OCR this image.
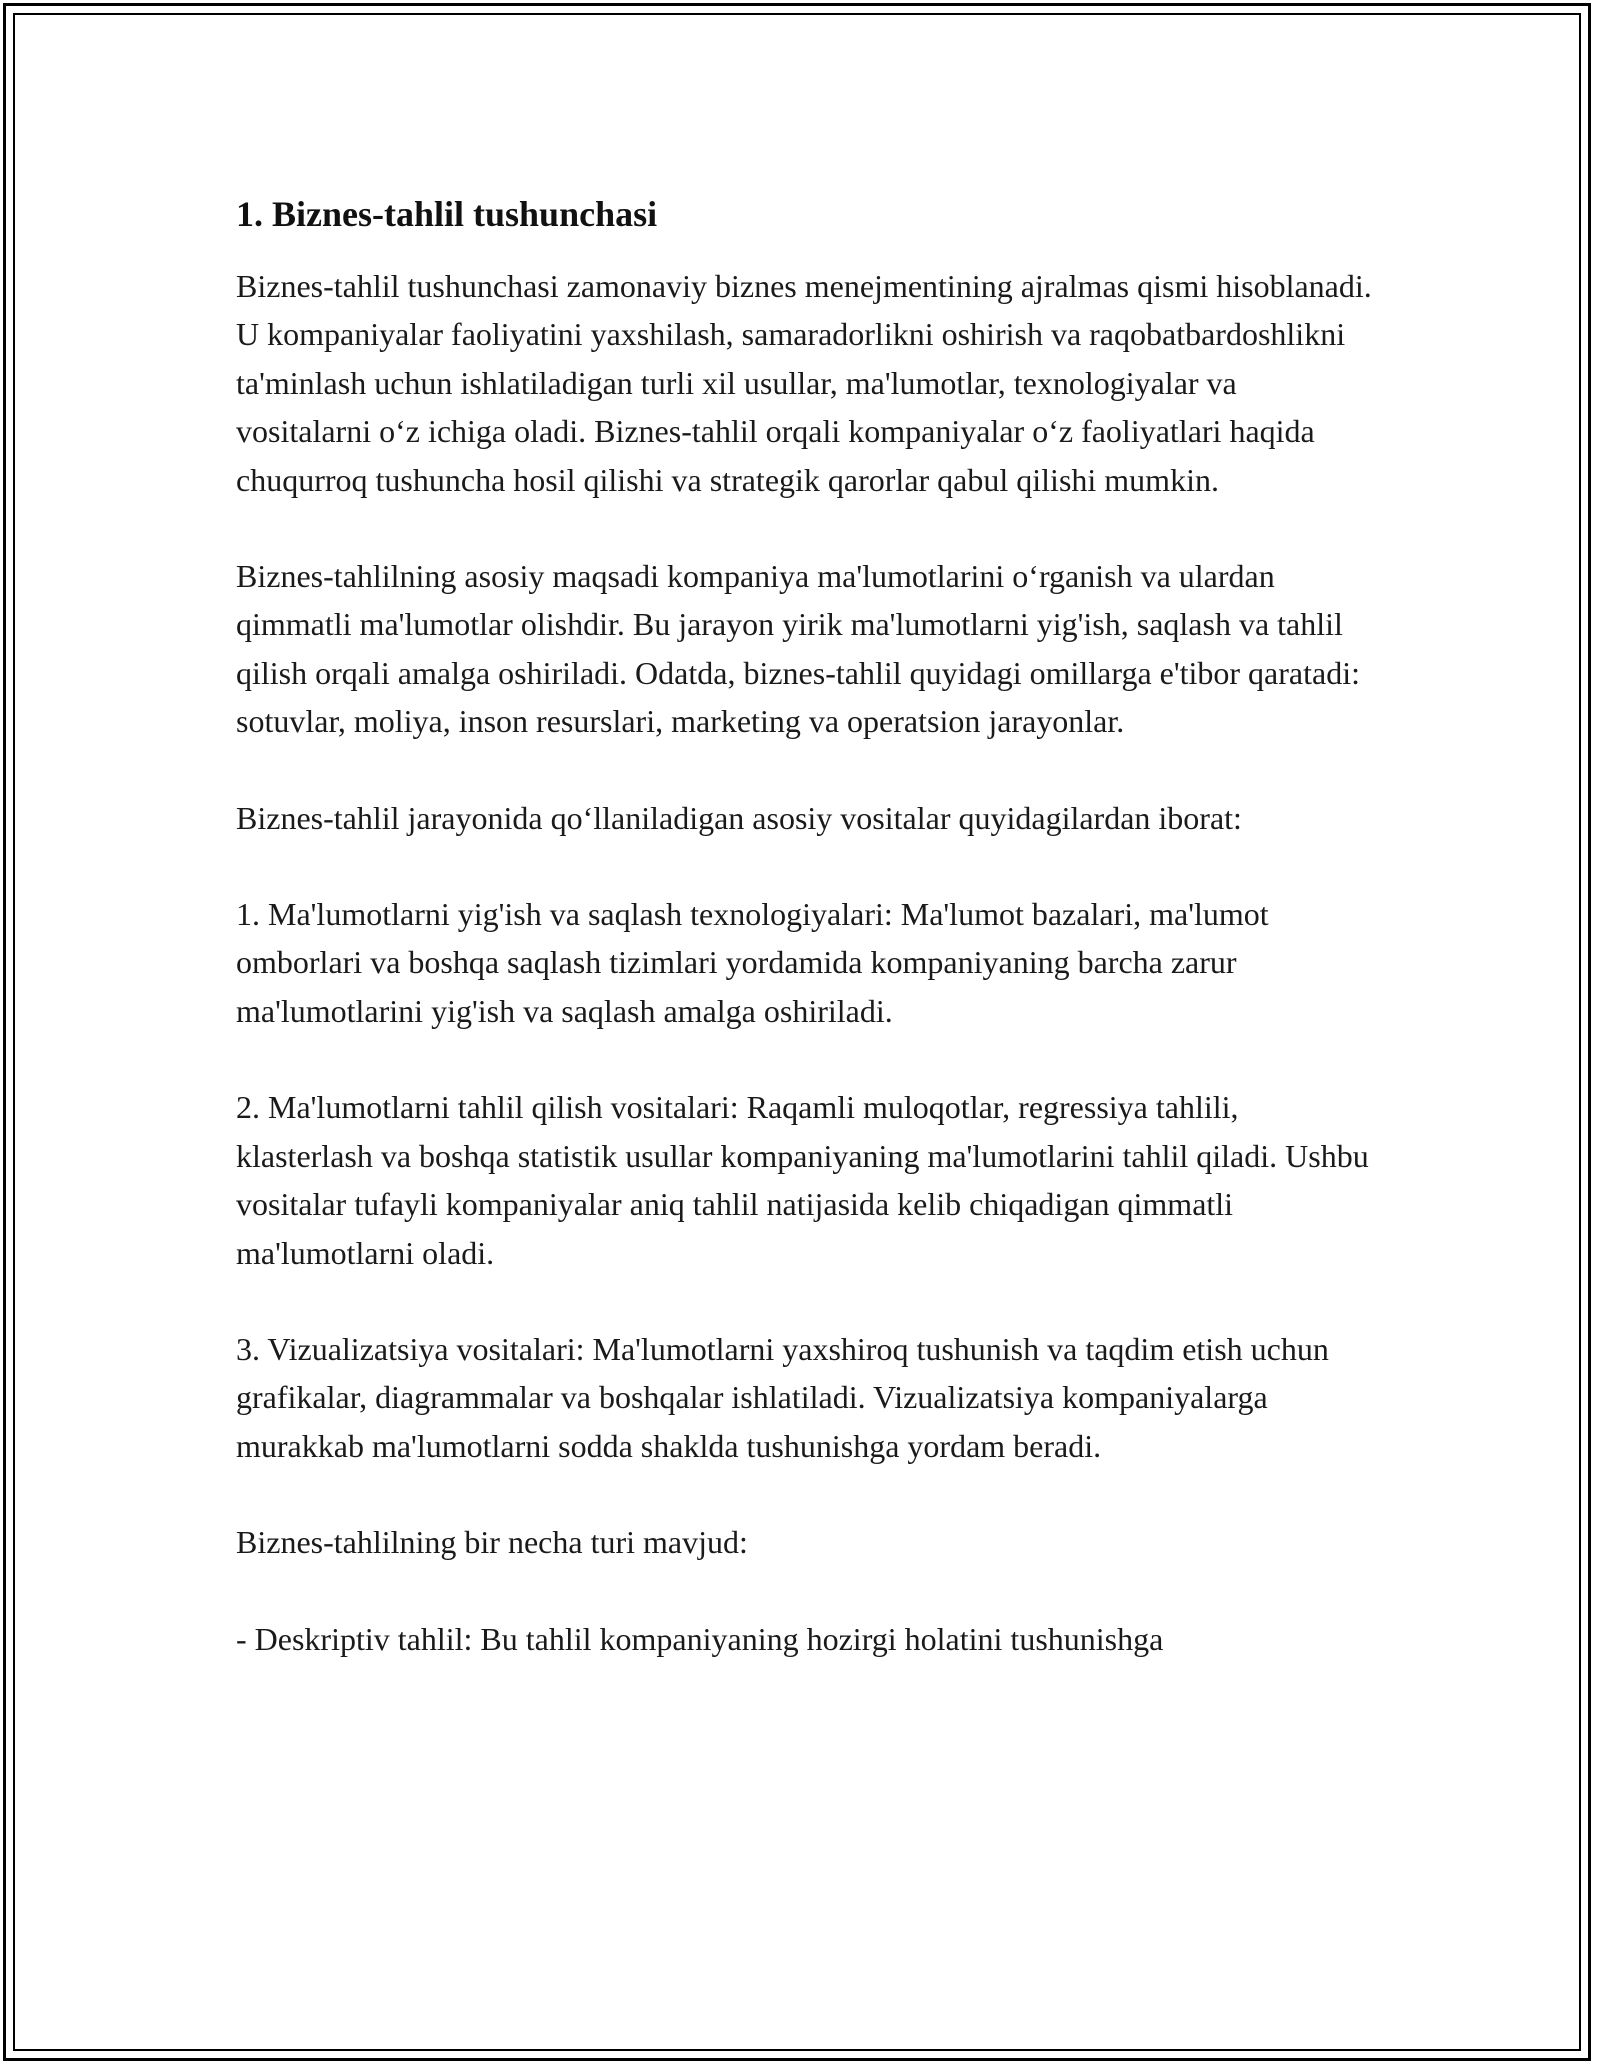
1. Biznes-tahlil tushunchasi

Biznes-tahlil tushunchasi zamonaviy biznes menejmentining ajralmas qismi hisoblanadi. U kompaniyalar faoliyatini yaxshilash, samaradorlikni oshirish va raqobatbardoshlikni ta'minlash uchun ishlatiladigan turli xil usullar, ma'lumotlar, texnologiyalar va vositalarni o‘z ichiga oladi. Biznes-tahlil orqali kompaniyalar o‘z faoliyatlari haqida chuqurroq tushuncha hosil qilishi va strategik qarorlar qabul qilishi mumkin.

Biznes-tahlilning asosiy maqsadi kompaniya ma'lumotlarini o‘rganish va ulardan qimmatli ma'lumotlar olishdir. Bu jarayon yirik ma'lumotlarni yig'ish, saqlash va tahlil qilish orqali amalga oshiriladi. Odatda, biznes-tahlil quyidagi omillarga e'tibor qaratadi: sotuvlar, moliya, inson resurslari, marketing va operatsion jarayonlar.

Biznes-tahlil jarayonida qo‘llaniladigan asosiy vositalar quyidagilardan iborat:

1. Ma'lumotlarni yig'ish va saqlash texnologiyalari: Ma'lumot bazalari, ma'lumot omborlari va boshqa saqlash tizimlari yordamida kompaniyaning barcha zarur ma'lumotlarini yig'ish va saqlash amalga oshiriladi.

2. Ma'lumotlarni tahlil qilish vositalari: Raqamli muloqotlar, regressiya tahlili, klasterlash va boshqa statistik usullar kompaniyaning ma'lumotlarini tahlil qiladi. Ushbu vositalar tufayli kompaniyalar aniq tahlil natijasida kelib chiqadigan qimmatli ma'lumotlarni oladi.

3. Vizualizatsiya vositalari: Ma'lumotlarni yaxshiroq tushunish va taqdim etish uchun grafikalar, diagrammalar va boshqalar ishlatiladi. Vizualizatsiya kompaniyalarga murakkab ma'lumotlarni sodda shaklda tushunishga yordam beradi.

Biznes-tahlilning bir necha turi mavjud:

- Deskriptiv tahlil: Bu tahlil kompaniyaning hozirgi holatini tushunishga
